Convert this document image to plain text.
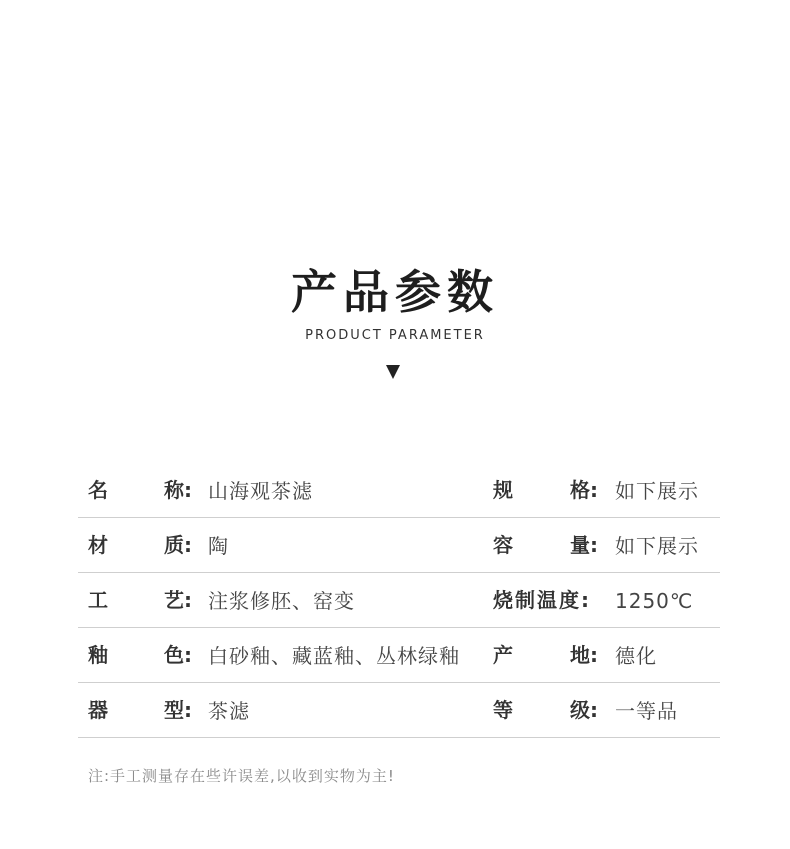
产品参数
PRODUCT PARAMETER
名	称: 山海观茶滤	规	格: 如下展示
材	质: 陶	容	量: 如下展示
工	艺: 注浆修胚、窑变	烧制温度: 1250℃
釉	色: 白砂釉、藏蓝釉、丛林绿釉 产	地: 德化
器	型: 茶滤	等	级: 一等品
注:手工测量存在些许误差,以收到实物为主!
